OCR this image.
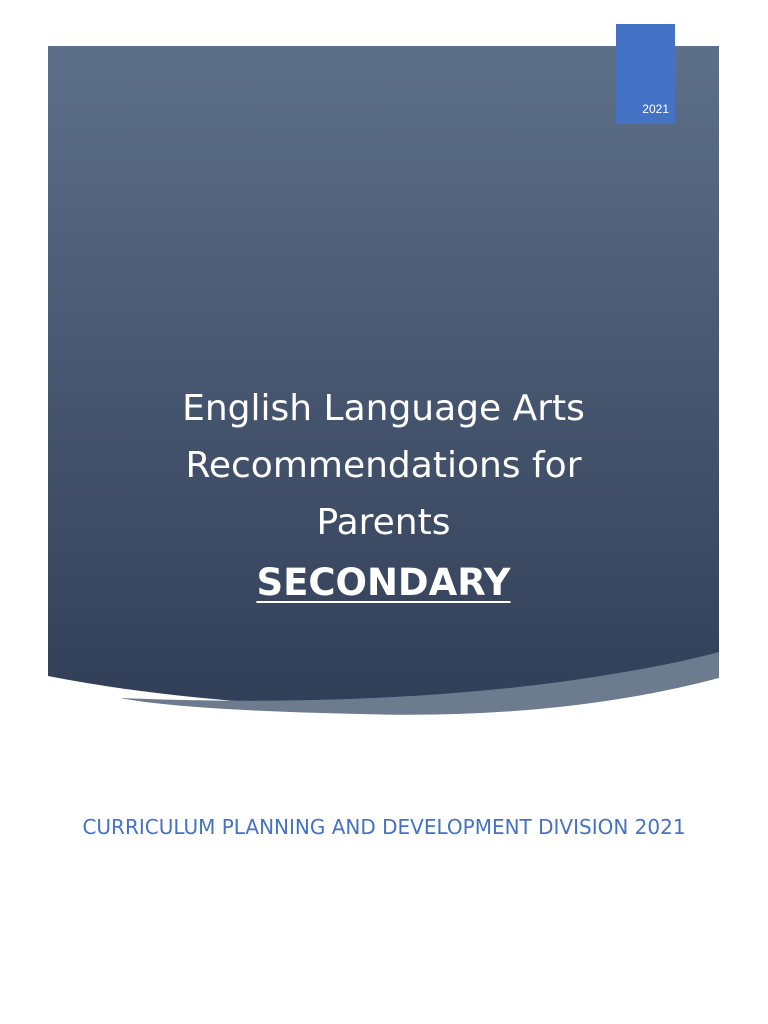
2021
English Language Arts
Recommendations for
Parents
SECONDARY
CURRICULUM PLANNING AND DEVELOPMENT DIVISION 2021
